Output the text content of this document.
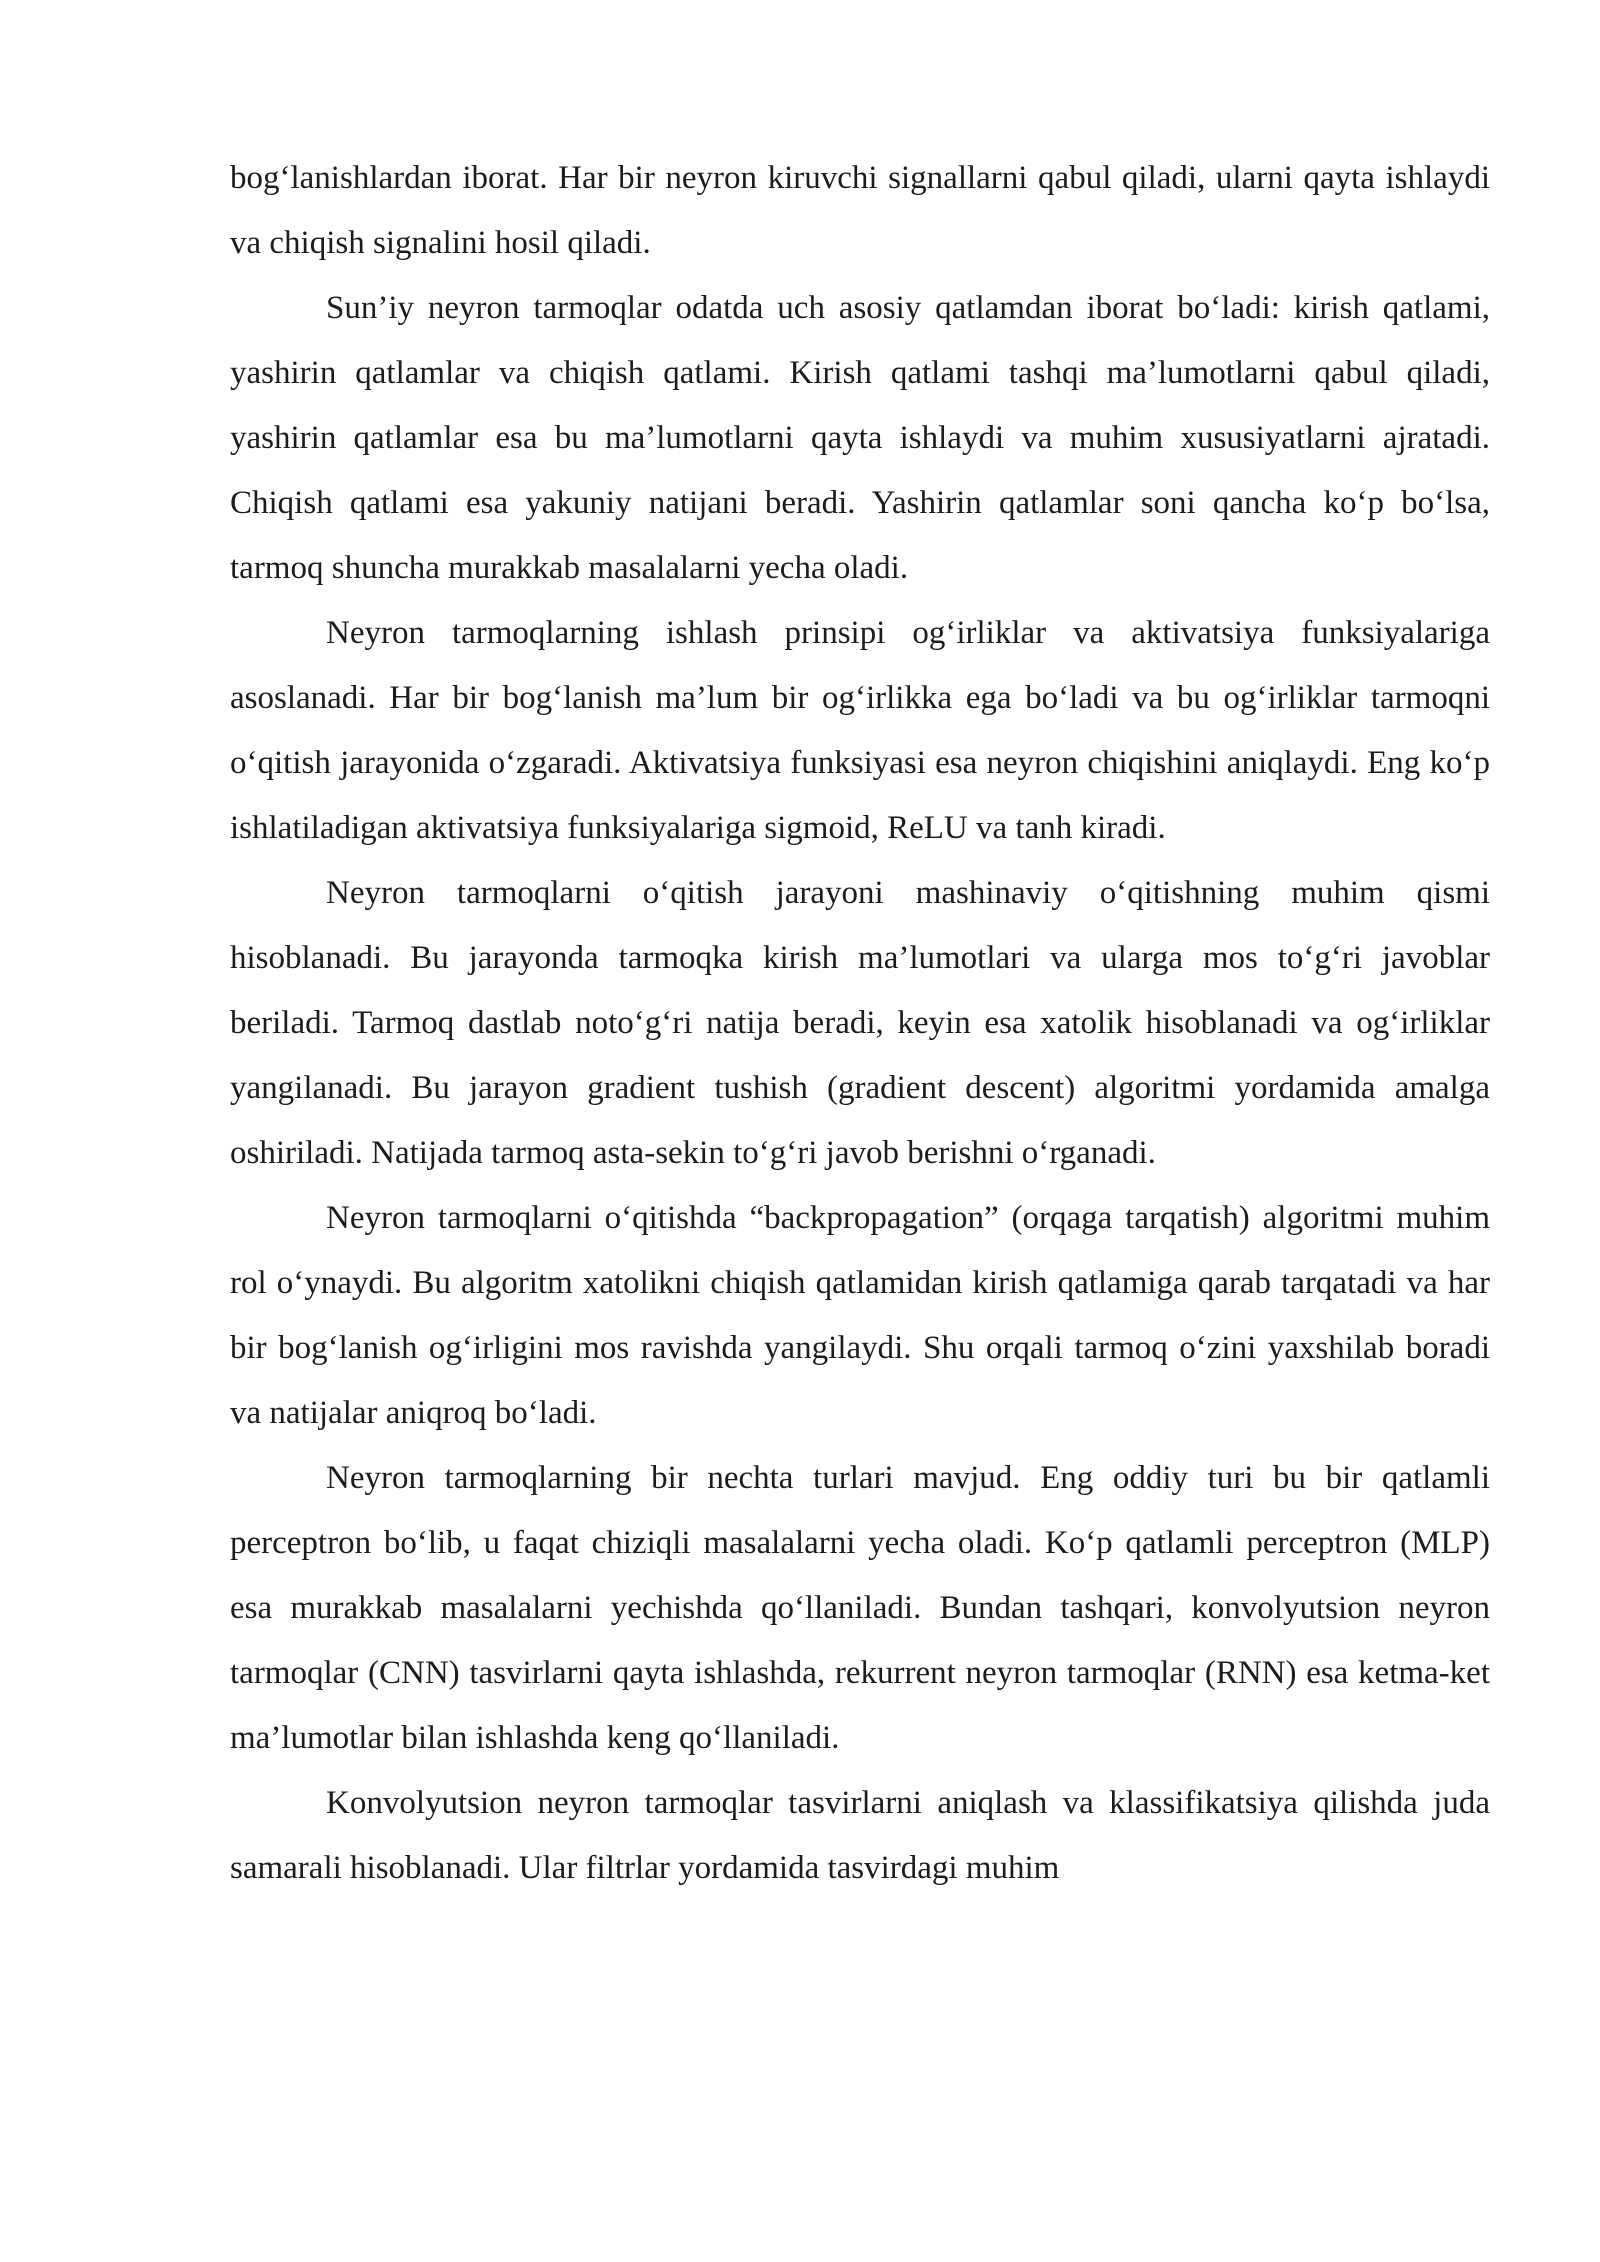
bog‘lanishlardan iborat. Har bir neyron kiruvchi signallarni qabul qiladi, ularni qayta ishlaydi va chiqish signalini hosil qiladi.

Sun’iy neyron tarmoqlar odatda uch asosiy qatlamdan iborat bo‘ladi: kirish qatlami, yashirin qatlamlar va chiqish qatlami. Kirish qatlami tashqi ma’lumotlarni qabul qiladi, yashirin qatlamlar esa bu ma’lumotlarni qayta ishlaydi va muhim xususiyatlarni ajratadi. Chiqish qatlami esa yakuniy natijani beradi. Yashirin qatlamlar soni qancha ko‘p bo‘lsa, tarmoq shuncha murakkab masalalarni yecha oladi.

Neyron tarmoqlarning ishlash prinsipi og‘irliklar va aktivatsiya funksiyalariga asoslanadi. Har bir bog‘lanish ma’lum bir og‘irlikka ega bo‘ladi va bu og‘irliklar tarmoqni o‘qitish jarayonida o‘zgaradi. Aktivatsiya funksiyasi esa neyron chiqishini aniqlaydi. Eng ko‘p ishlatiladigan aktivatsiya funksiyalariga sigmoid, ReLU va tanh kiradi.

Neyron tarmoqlarni o‘qitish jarayoni mashinaviy o‘qitishning muhim qismi hisoblanadi. Bu jarayonda tarmoqka kirish ma’lumotlari va ularga mos to‘g‘ri javoblar beriladi. Tarmoq dastlab noto‘g‘ri natija beradi, keyin esa xatolik hisoblanadi va og‘irliklar yangilanadi. Bu jarayon gradient tushish (gradient descent) algoritmi yordamida amalga oshiriladi. Natijada tarmoq asta-sekin to‘g‘ri javob berishni o‘rganadi.

Neyron tarmoqlarni o‘qitishda “backpropagation” (orqaga tarqatish) algoritmi muhim rol o‘ynaydi. Bu algoritm xatolikni chiqish qatlamidan kirish qatlamiga qarab tarqatadi va har bir bog‘lanish og‘irligini mos ravishda yangilaydi. Shu orqali tarmoq o‘zini yaxshilab boradi va natijalar aniqroq bo‘ladi.

Neyron tarmoqlarning bir nechta turlari mavjud. Eng oddiy turi bu bir qatlamli perceptron bo‘lib, u faqat chiziqli masalalarni yecha oladi. Ko‘p qatlamli perceptron (MLP) esa murakkab masalalarni yechishda qo‘llaniladi. Bundan tashqari, konvolyutsion neyron tarmoqlar (CNN) tasvirlarni qayta ishlashda, rekurrent neyron tarmoqlar (RNN) esa ketma-ket ma’lumotlar bilan ishlashda keng qo‘llaniladi.

Konvolyutsion neyron tarmoqlar tasvirlarni aniqlash va klassifikatsiya qilishda juda samarali hisoblanadi. Ular filtrlar yordamida tasvirdagi muhim
